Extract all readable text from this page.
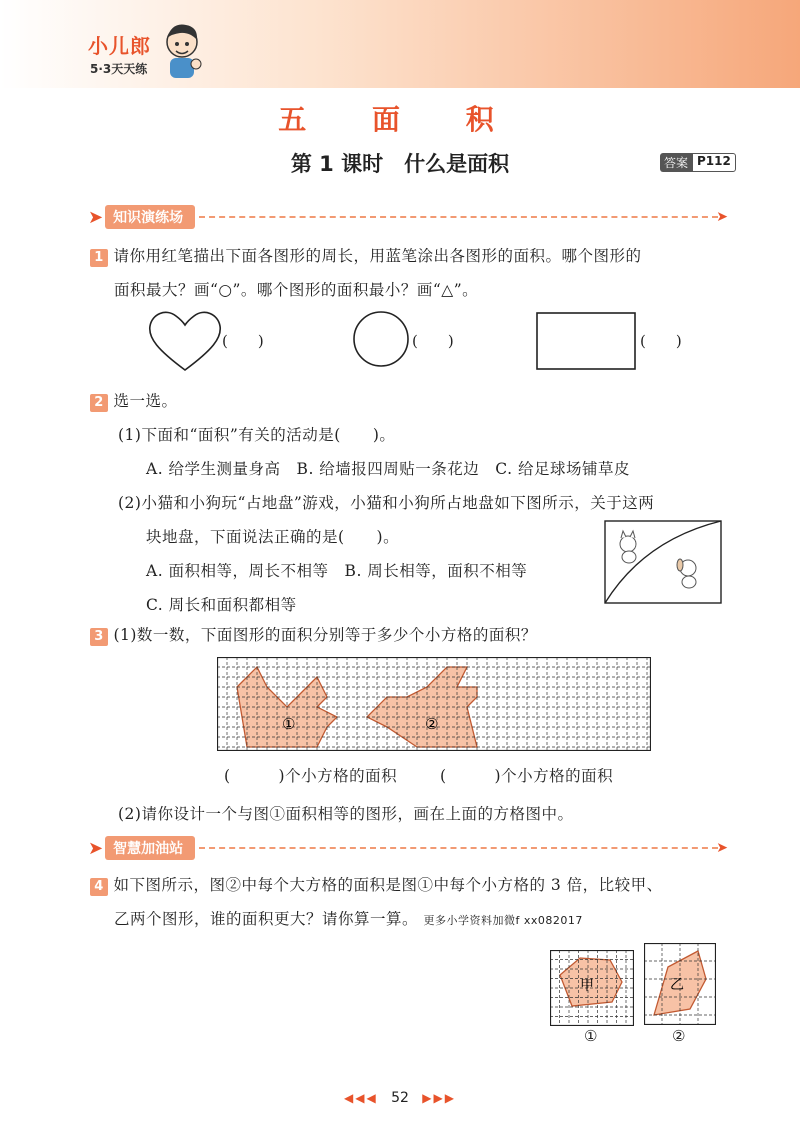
小儿郎
5·3天天练
五 面 积
第 1 课时　什么是面积	答案 P112
➤ 知识演练场	➤
1 请你用红笔描出下面各图形的周长，用蓝笔涂出各图形的面积。哪个图形的
面积最大？画“○”。哪个图形的面积最小？画“△”。
(　　)	(　　)	(　　)
2 选一选。
(1)下面和“面积”有关的活动是(　　)。
A. 给学生测量身高　B. 给墙报四周贴一条花边　C. 给足球场铺草皮
(2)小猫和小狗玩“占地盘”游戏，小猫和小狗所占地盘如下图所示，关于这两
块地盘，下面说法正确的是(　　)。
A. 面积相等，周长不相等　B. 周长相等，面积不相等
C. 周长和面积都相等
3 (1)数一数，下面图形的面积分别等于多少个小方格的面积？
①	②
(　　　)个小方格的面积	(　　　)个小方格的面积
(2)请你设计一个与图①面积相等的图形，画在上面的方格图中。
➤ 智慧加油站	➤
4 如下图所示，图②中每个大方格的面积是图①中每个小方格的 3 倍，比较甲、
乙两个图形，谁的面积更大？请你算一算。 更多小学资料加微f xx082017
甲
①
乙
②
◀◀◀ 52 ▶▶▶
